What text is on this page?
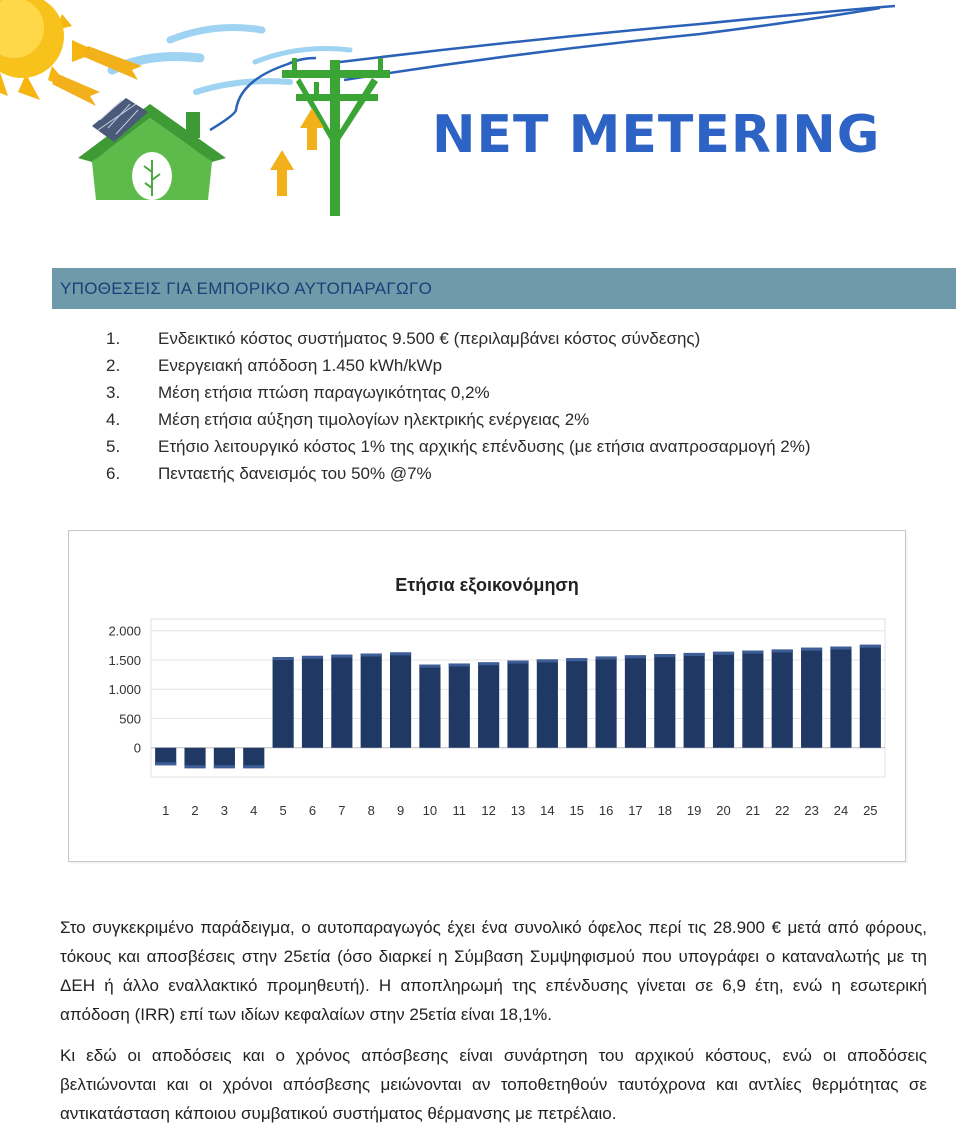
NET METERING
ΥΠΟΘΕΣΕΙΣ ΓΙΑ ΕΜΠΟΡΙΚΟ ΑΥΤΟΠΑΡΑΓΩΓΟ
1.	Ενδεικτικό κόστος συστήματος 9.500 € (περιλαμβάνει κόστος σύνδεσης)
2.	Ενεργειακή απόδοση 1.450 kWh/kWp
3.	Μέση ετήσια πτώση παραγωγικότητας 0,2%
4.	Μέση ετήσια αύξηση τιμολογίων ηλεκτρικής ενέργειας 2%
5.	Ετήσιο λειτουργικό κόστος 1% της αρχικής επένδυσης (με ετήσια αναπροσαρμογή 2%)
6.	Πενταετής δανεισμός του 50% @7%
Ετήσια εξοικονόμηση
2.000
1.500
1.000
500
0
1 2 3 4 5 6 7 8 9 10 11 12 13 14 15 16 17 18 19 20 21 22 23 24 25

Στο συγκεκριμένο παράδειγμα, ο αυτοπαραγωγός έχει ένα συνολικό όφελος περί τις 28.900 € μετά από φόρους, τόκους και αποσβέσεις στην 25ετία (όσο διαρκεί η Σύμβαση Συμψηφισμού που υπογράφει ο καταναλωτής με τη ΔΕΗ ή άλλο εναλλακτικό προμηθευτή). Η αποπληρωμή της επένδυσης γίνεται σε 6,9 έτη, ενώ η εσωτερική απόδοση (IRR) επί των ιδίων κεφαλαίων στην 25ετία είναι 18,1%.

Κι εδώ οι αποδόσεις και ο χρόνος απόσβεσης είναι συνάρτηση του αρχικού κόστους, ενώ οι αποδόσεις βελτιώνονται και οι χρόνοι απόσβεσης μειώνονται αν τοποθετηθούν ταυτόχρονα και αντλίες θερμότητας σε αντικατάσταση κάποιου συμβατικού συστήματος θέρμανσης με πετρέλαιο.
